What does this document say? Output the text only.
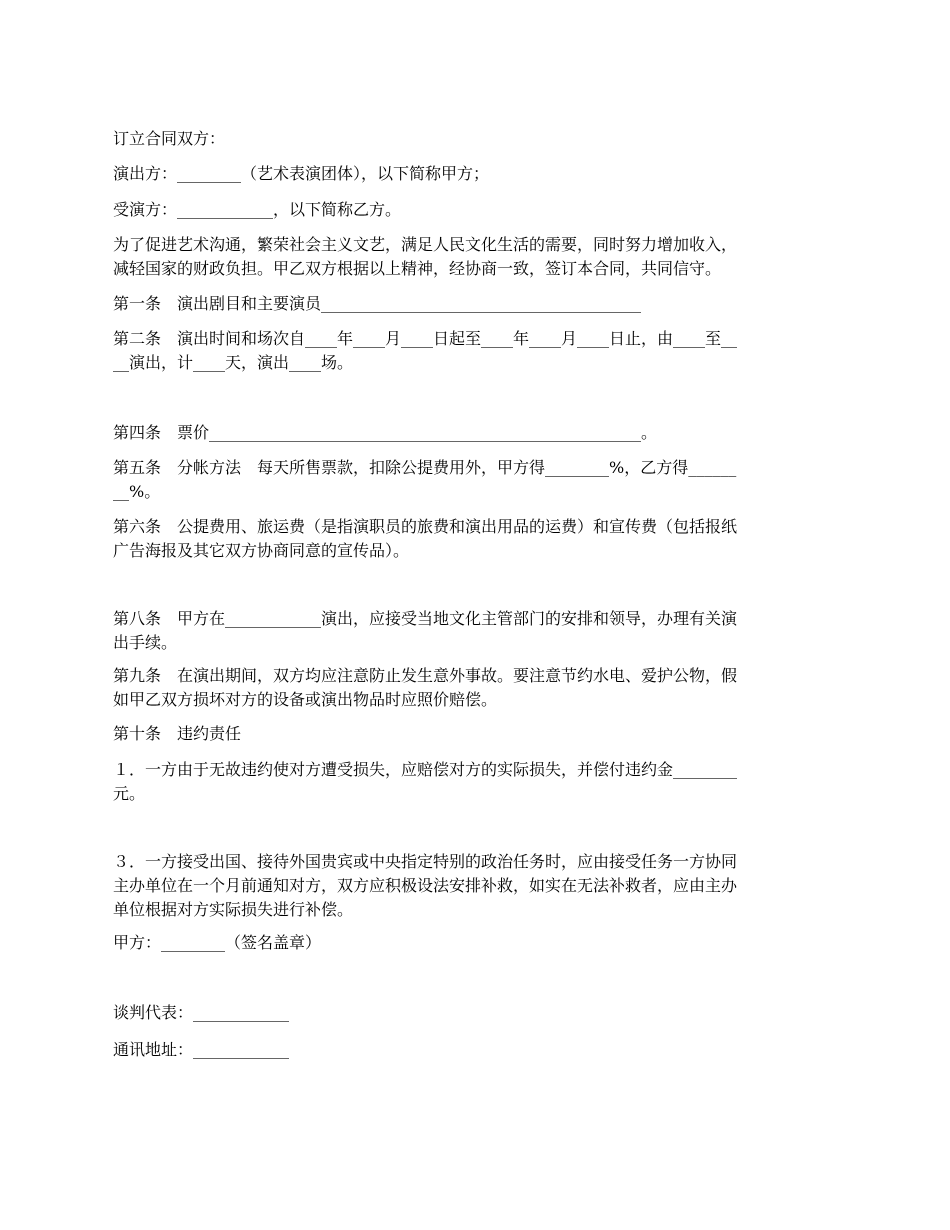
订立合同双方：

演出方：________（艺术表演团体），以下简称甲方；

受演方：____________，以下简称乙方。

为了促进艺术沟通，繁荣社会主义文艺，满足人民文化生活的需要，同时努力增加收入，
减轻国家的财政负担。甲乙双方根据以上精神，经协商一致，签订本合同，共同信守。

第一条　演出剧目和主要演员________________________________________

第二条　演出时间和场次自____年____月____日起至____年____月____日止，由____至__
__演出，计____天，演出____场。

第四条　票价______________________________________________________。

第五条　分帐方法　每天所售票款，扣除公提费用外，甲方得________%，乙方得______
__%。

第六条　公提费用、旅运费（是指演职员的旅费和演出用品的运费）和宣传费（包括报纸
广告海报及其它双方协商同意的宣传品）。

第八条　甲方在____________演出，应接受当地文化主管部门的安排和领导，办理有关演
出手续。

第九条　在演出期间，双方均应注意防止发生意外事故。要注意节约水电、爱护公物，假
如甲乙双方损坏对方的设备或演出物品时应照价赔偿。

第十条　违约责任

１．一方由于无故违约使对方遭受损失，应赔偿对方的实际损失，并偿付违约金________
元。

３．一方接受出国、接待外国贵宾或中央指定特别的政治任务时，应由接受任务一方协同
主办单位在一个月前通知对方，双方应积极设法安排补救，如实在无法补救者，应由主办
单位根据对方实际损失进行补偿。

甲方：________（签名盖章）

谈判代表：____________

通讯地址：____________
